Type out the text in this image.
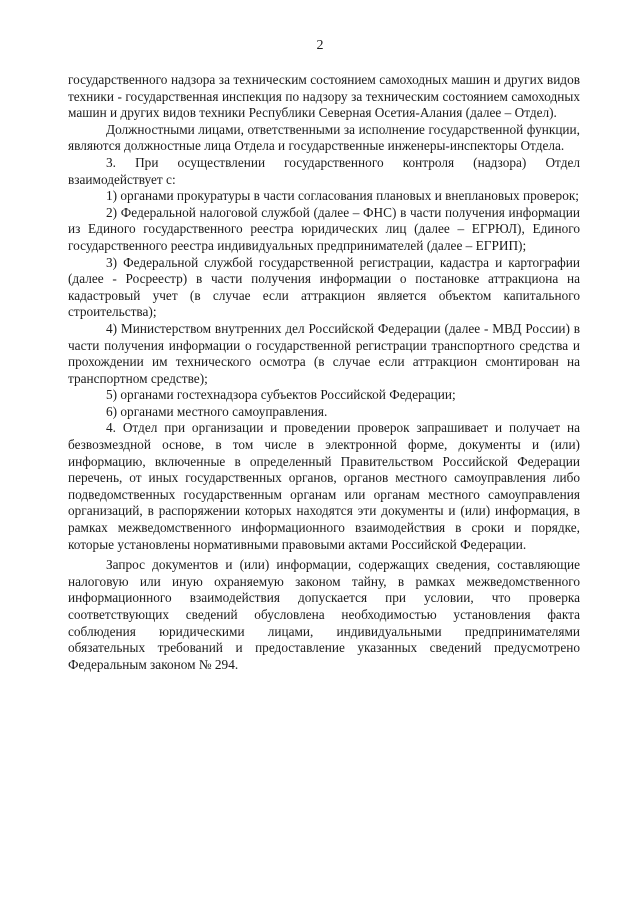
2

государственного надзора за техническим состоянием самоходных машин и других видов техники - государственная инспекция по надзору за техническим состоянием самоходных машин и других видов техники Республики Северная Осетия-Алания (далее – Отдел).

Должностными лицами, ответственными за исполнение государственной функции, являются должностные лица Отдела и государственные инженеры-инспекторы Отдела.

3. При осуществлении государственного контроля (надзора) Отдел взаимодействует с:

1) органами прокуратуры в части согласования плановых и внеплановых проверок;

2) Федеральной налоговой службой (далее – ФНС) в части получения информации из Единого государственного реестра юридических лиц (далее – ЕГРЮЛ), Единого государственного реестра индивидуальных предпринимателей (далее – ЕГРИП);

3) Федеральной службой государственной регистрации, кадастра и картографии (далее - Росреестр) в части получения информации о постановке аттракциона на кадастровый учет (в случае если аттракцион является объектом капитального строительства);

4) Министерством внутренних дел Российской Федерации (далее - МВД России) в части получения информации о государственной регистрации транспортного средства и прохождении им технического осмотра (в случае если аттракцион смонтирован на транспортном средстве);

5) органами гостехнадзора субъектов Российской Федерации;

6) органами местного самоуправления.

4. Отдел при организации и проведении проверок запрашивает и получает на безвозмездной основе, в том числе в электронной форме, документы и (или) информацию, включенные в определенный Правительством Российской Федерации перечень, от иных государственных органов, органов местного самоуправления либо подведомственных государственным органам или органам местного самоуправления организаций, в распоряжении которых находятся эти документы и (или) информация, в рамках межведомственного информационного взаимодействия в сроки и порядке, которые установлены нормативными правовыми актами Российской Федерации.

Запрос документов и (или) информации, содержащих сведения, составляющие налоговую или иную охраняемую законом тайну, в рамках межведомственного информационного взаимодействия допускается при условии, что проверка соответствующих сведений обусловлена необходимостью установления факта соблюдения юридическими лицами, индивидуальными предпринимателями обязательных требований и предоставление указанных сведений предусмотрено Федеральным законом № 294.
